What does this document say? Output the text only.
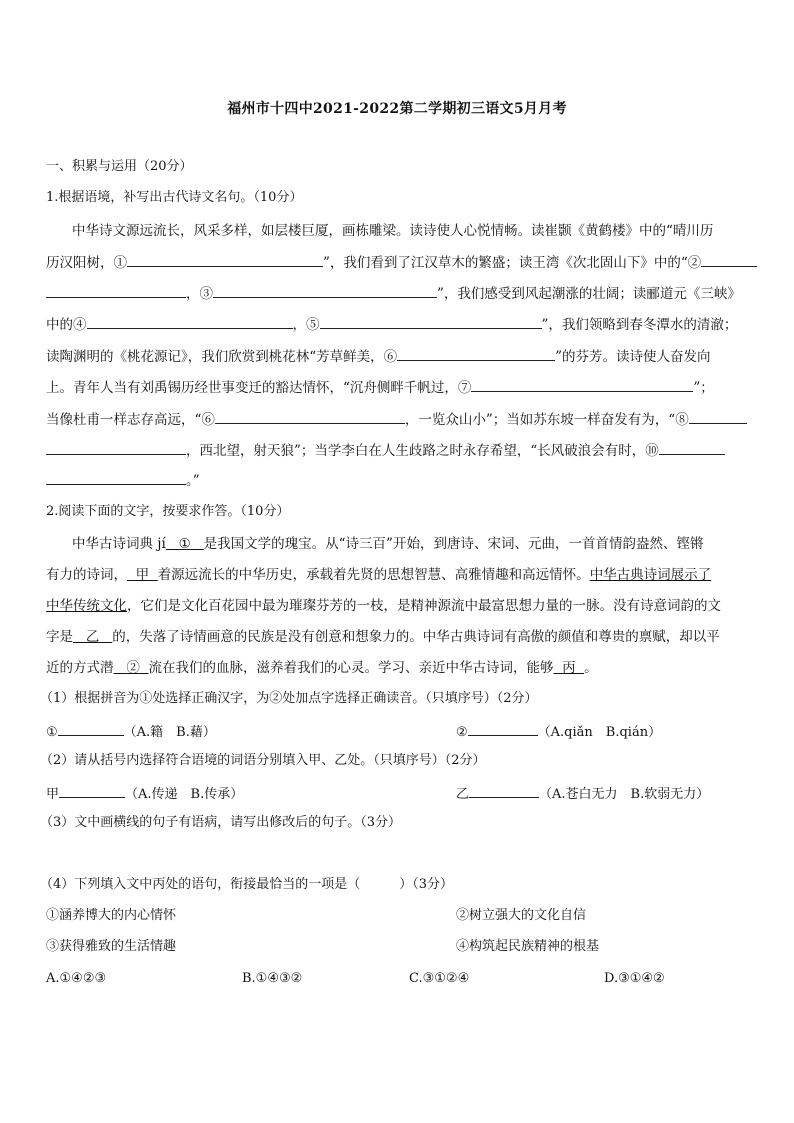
福州市十四中2021-2022第二学期初三语文5月月考
一、积累与运用（20分）
1.根据语境，补写出古代诗文名句。（10分）
中华诗文源远流长，风采多样，如层楼巨厦，画栋雕梁。读诗使人心悦情畅。读崔颢《黄鹤楼》中的“晴川历
历汉阳树，①	”，我们看到了江汉草木的繁盛；读王湾《次北固山下》中的“②
，③	”，我们感受到风起潮涨的壮阔；读郦道元《三峡》
中的④	，⑤	”，我们领略到春冬潭水的清澈；
读陶渊明的《桃花源记》，我们欣赏到桃花林“芳草鲜美，⑥	”的芬芳。读诗使人奋发向
上。青年人当有刘禹锡历经世事变迁的豁达情怀，“沉舟侧畔千帆过，⑦	”；
当像杜甫一样志存高远，“⑥	，一览众山小”；当如苏东坡一样奋发有为，“⑧
，西北望，射天狼”；当学李白在人生歧路之时永存希望，“长风破浪会有时，⑩
。”
2.阅读下面的文字，按要求作答。（10分）
中华古诗词典 jí ① 是我国文学的瑰宝。从“诗三百”开始，到唐诗、宋词、元曲，一首首情韵盎然、铿锵
有力的诗词， 甲 着源远流长的中华历史，承载着先贤的思想智慧、高雅情趣和高远情怀。中华古典诗词展示了
中华传统文化，它们是文化百花园中最为璀璨芬芳的一枝，是精神源流中最富思想力量的一脉。没有诗意词韵的文
字是 乙 的，失落了诗情画意的民族是没有创意和想象力的。中华古典诗词有高傲的颜值和尊贵的禀赋，却以平
近的方式潜 ② 流在我们的血脉，滋养着我们的心灵。学习、亲近中华古诗词，能够 丙 。
（1）根据拼音为①处选择正确汉字，为②处加点字选择正确读音。（只填序号）（2分）
①	（A.籍　B.藉）	②	（A.qiǎn　B.qián）
（2）请从括号内选择符合语境的词语分别填入甲、乙处。（只填序号）（2分）
甲	（A.传递　B.传承）	乙	（A.苍白无力　B.软弱无力）
（3）文中画横线的句子有语病，请写出修改后的句子。（3分）
（4）下列填入文中丙处的语句，衔接最恰当的一项是（　　　）（3分）
①涵养博大的内心情怀	②树立强大的文化自信
③获得雅致的生活情趣	④构筑起民族精神的根基
A.①④②③	B.①④③②	C.③①②④	D.③①④②
